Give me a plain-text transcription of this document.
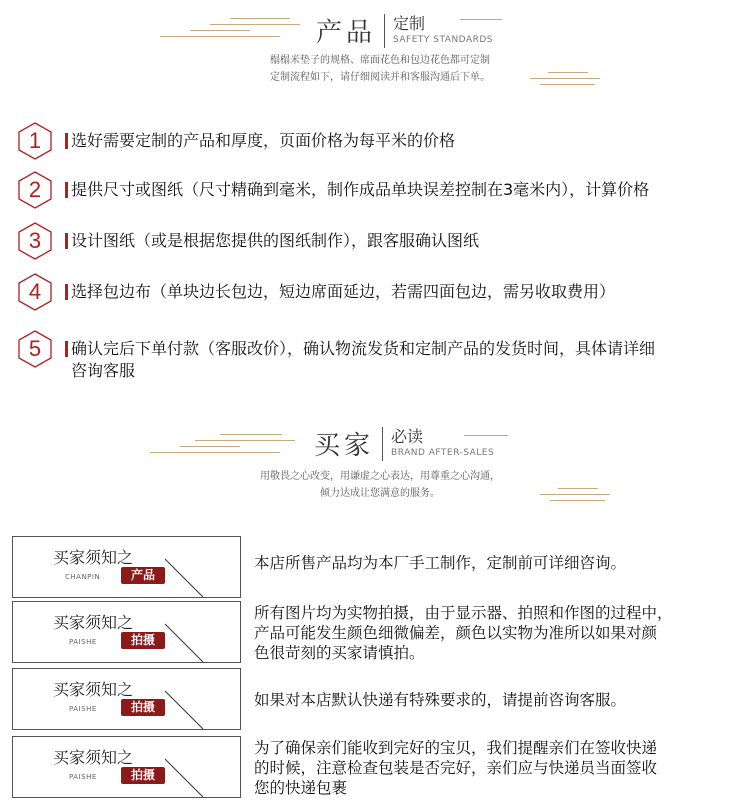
产品	定制
SAFETY STANDARDS
榻榻米垫子的规格、席面花色和包边花色都可定制
定制流程如下，请仔细阅读并和客服沟通后下单。
1	选好需要定制的产品和厚度，页面价格为每平米的价格
2	提供尺寸或图纸（尺寸精确到毫米，制作成品单块误差控制在3毫米内），计算价格
3	设计图纸（或是根据您提供的图纸制作），跟客服确认图纸
4	选择包边布（单块边长包边，短边席面延边，若需四面包边，需另收取费用）
5	确认完后下单付款（客服改价），确认物流发货和定制产品的发货时间，具体请详细
咨询客服
买家	必读
BRAND AFTER-SALES
用敬畏之心改变，用谦虚之心表达，用尊重之心沟通，
倾力达成让您满意的服务。
买家须知之
CHANPIN	产品
本店所售产品均为本厂手工制作，定制前可详细咨询。
买家须知之
PAISHE	拍摄
所有图片均为实物拍摄，由于显示器、拍照和作图的过程中，
产品可能发生颜色细微偏差，颜色以实物为准所以如果对颜
色很苛刻的买家请慎拍。
买家须知之
PAISHE	拍摄	如果对本店默认快递有特殊要求的，请提前咨询客服。
买家须知之
PAISHE	拍摄
为了确保亲们能收到完好的宝贝，我们提醒亲们在签收快递
的时候，注意检查包装是否完好，亲们应与快递员当面签收
您的快递包裹
